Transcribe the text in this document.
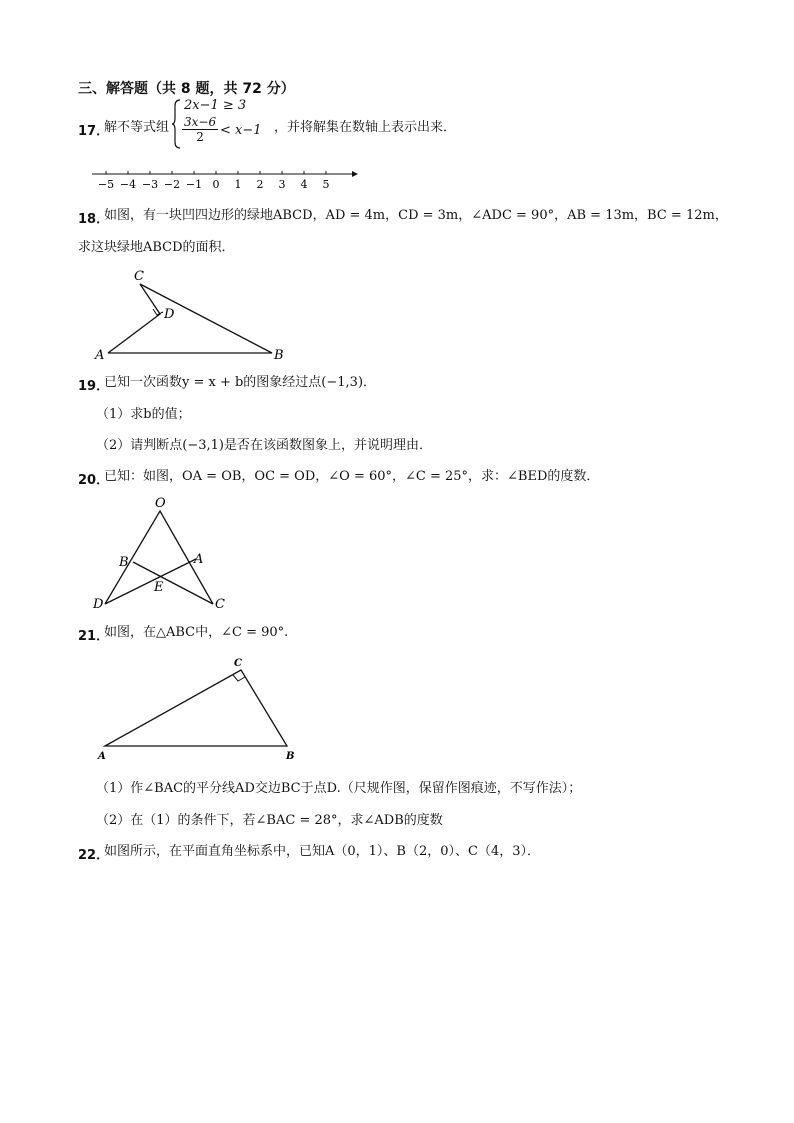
三、解答题（共 8 题，共 72 分）
17．
解不等式组
2x−1 ≥ 3
$\frac{3x-6}{2} < x-1$ ，并将解集在数轴上表示出来．
−5 −4 −3 −2 −1 0 1 2 3 4 5
18．
如图，有一块凹四边形的绿地ABCD，AD = 4m，CD = 3m，∠ADC = 90°，AB = 13m，BC = 12m，
求这块绿地ABCD的面积．
C
D
A	B
19．
已知一次函数y = x + b的图象经过点(−1,3)．
（1）求b的值；
（2）请判断点(−3,1)是否在该函数图象上，并说明理由．
20．
已知：如图，OA = OB，OC = OD，∠O = 60°，∠C = 25°，求：∠BED的度数．
O
B	A
E
D	C
21．
如图，在△ABC中，∠C = 90°.
C
A	B
（1）作∠BAC的平分线AD交边BC于点D.（尺规作图，保留作图痕迹，不写作法）；
（2）在（1）的条件下，若∠BAC = 28°，求∠ADB的度数
22．
如图所示，在平面直角坐标系中，已知A（0，1）、B（2，0）、C（4，3）．
